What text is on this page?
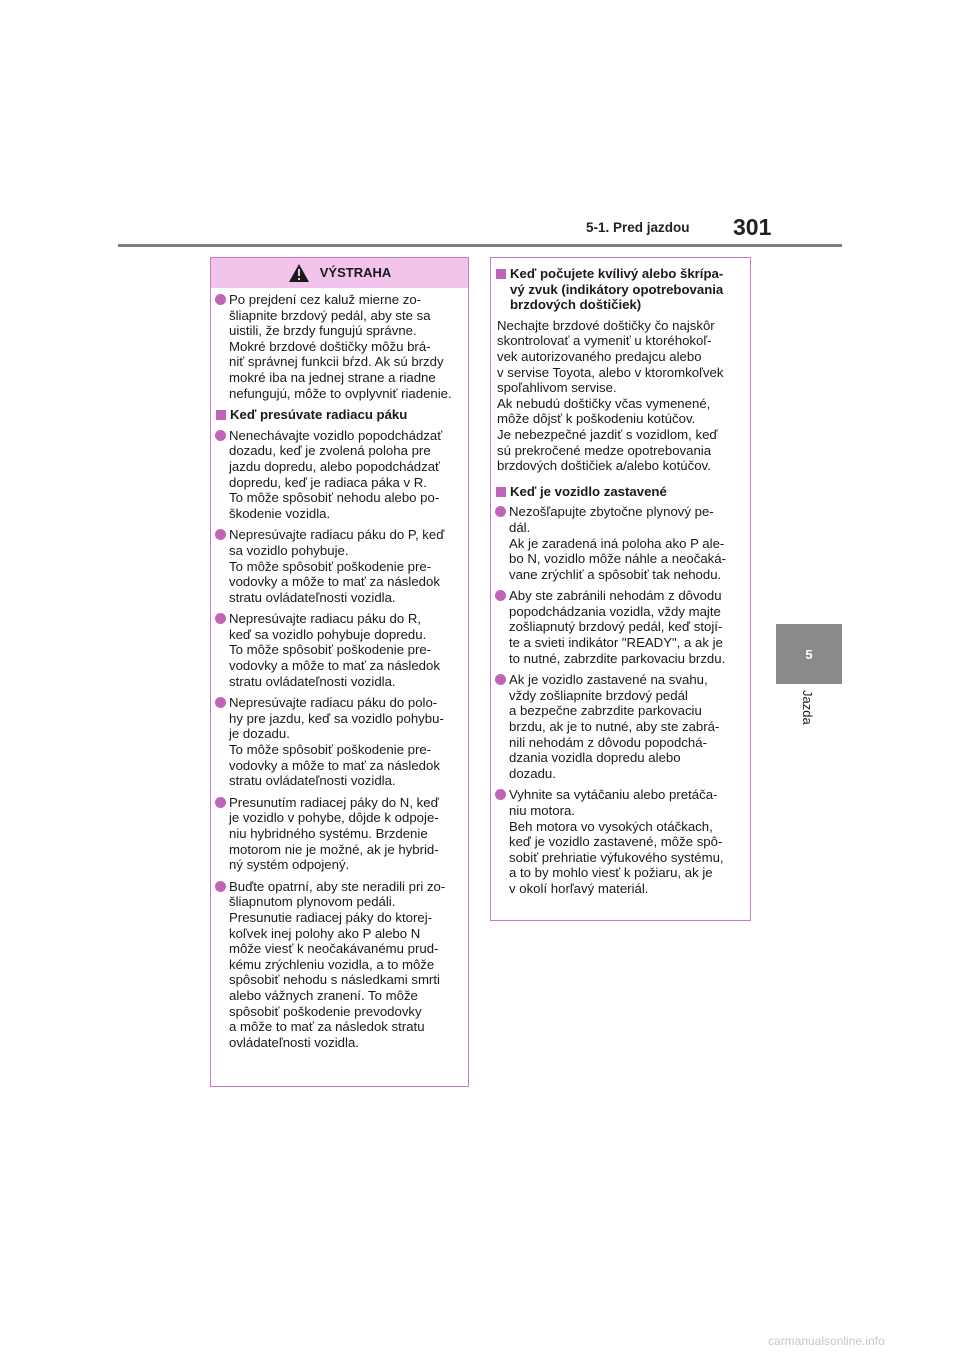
5-1. Pred jazdou 301
5
Jazda
VÝSTRAHA
Po prejdení cez kaluž mierne zo-
šliapnite brzdový pedál, aby ste sa
uistili, že brzdy fungujú správne.
Mokré brzdové doštičky môžu brá-
niť správnej funkcii bŕzd. Ak sú brzdy
mokré iba na jednej strane a riadne
nefungujú, môže to ovplyvniť riadenie.
Keď presúvate radiacu páku
Nenechávajte vozidlo popodchádzať
dozadu, keď je zvolená poloha pre
jazdu dopredu, alebo popodchádzať
dopredu, keď je radiaca páka v R.
To môže spôsobiť nehodu alebo po-
škodenie vozidla.
Nepresúvajte radiacu páku do P, keď
sa vozidlo pohybuje.
To môže spôsobiť poškodenie pre-
vodovky a môže to mať za následok
stratu ovládateľnosti vozidla.
Nepresúvajte radiacu páku do R,
keď sa vozidlo pohybuje dopredu.
To môže spôsobiť poškodenie pre-
vodovky a môže to mať za následok
stratu ovládateľnosti vozidla.
Nepresúvajte radiacu páku do polo-
hy pre jazdu, keď sa vozidlo pohybu-
je dozadu.
To môže spôsobiť poškodenie pre-
vodovky a môže to mať za následok
stratu ovládateľnosti vozidla.
Presunutím radiacej páky do N, keď
je vozidlo v pohybe, dôjde k odpoje-
niu hybridného systému. Brzdenie
motorom nie je možné, ak je hybrid-
ný systém odpojený.
Buďte opatrní, aby ste neradili pri zo-
šliapnutom plynovom pedáli.
Presunutie radiacej páky do ktorej-
koľvek inej polohy ako P alebo N
môže viesť k neočakávanému prud-
kému zrýchleniu vozidla, a to môže
spôsobiť nehodu s následkami smrti
alebo vážnych zranení. To môže
spôsobiť poškodenie prevodovky
a môže to mať za následok stratu
ovládateľnosti vozidla.
Keď počujete kvílivý alebo škrípa-
vý zvuk (indikátory opotrebovania
brzdových doštičiek)
Nechajte brzdové doštičky čo najskôr
skontrolovať a vymeniť u ktoréhokoľ-
vek autorizovaného predajcu alebo
v servise Toyota, alebo v ktoromkoľvek
spoľahlivom servise.
Ak nebudú doštičky včas vymenené,
môže dôjsť k poškodeniu kotúčov.
Je nebezpečné jazdiť s vozidlom, keď
sú prekročené medze opotrebovania
brzdových doštičiek a/alebo kotúčov.
Keď je vozidlo zastavené
Nezošľapujte zbytočne plynový pe-
dál.
Ak je zaradená iná poloha ako P ale-
bo N, vozidlo môže náhle a neočaká-
vane zrýchliť a spôsobiť tak nehodu.
Aby ste zabránili nehodám z dôvodu
popodchádzania vozidla, vždy majte
zošliapnutý brzdový pedál, keď stojí-
te a svieti indikátor "READY", a ak je
to nutné, zabrzdite parkovaciu brzdu.
Ak je vozidlo zastavené na svahu,
vždy zošliapnite brzdový pedál
a bezpečne zabrzdite parkovaciu
brzdu, ak je to nutné, aby ste zabrá-
nili nehodám z dôvodu popodchá-
dzania vozidla dopredu alebo
dozadu.
Vyhnite sa vytáčaniu alebo pretáča-
niu motora.
Beh motora vo vysokých otáčkach,
keď je vozidlo zastavené, môže spô-
sobiť prehriatie výfukového systému,
a to by mohlo viesť k požiaru, ak je
v okolí horľavý materiál.
carmanualsonline.info
